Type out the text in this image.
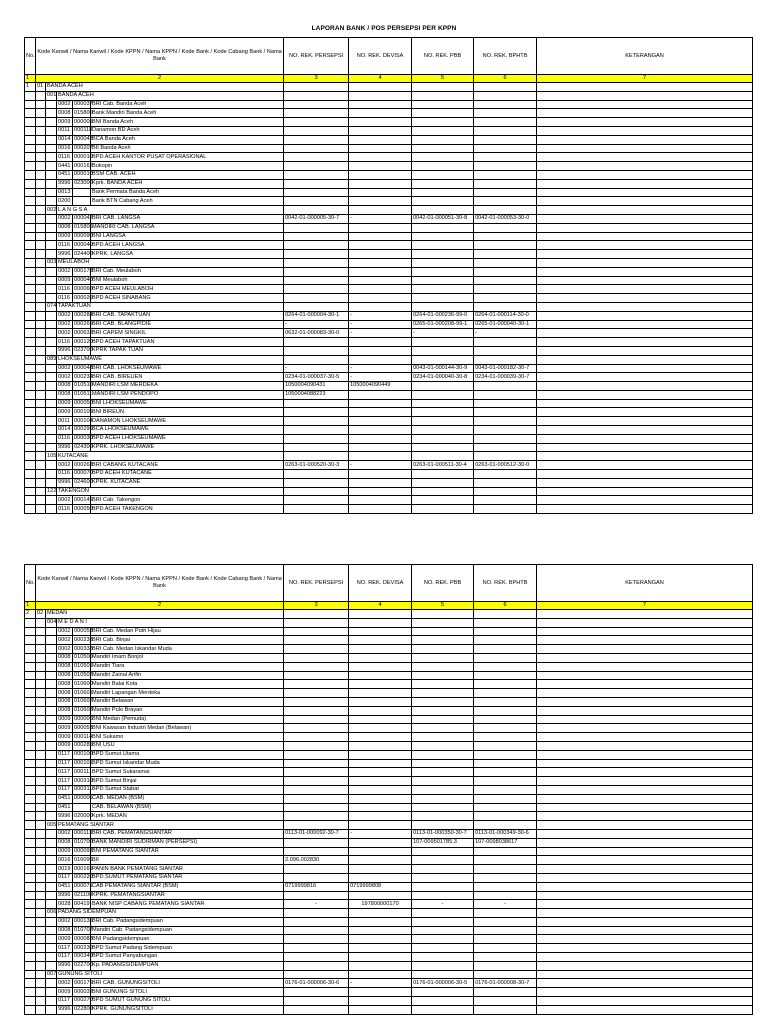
LAPORAN BANK / POS PERSEPSI PER KPPN
No.	Kode Kanwil / Nama Kanwil / Kode KPPN / Nama KPPN / Kode Bank / Kode Cabang Bank / Nama Bank					NO. REK. PERSEPSI	NO. REK. DEVISA	NO. REK. PBB	NO. REK. BPHTB	KETERANGAN
1	2					3	4	5	6	7
1	01	BANDA ACEH								
		001	BANDA ACEH							
			0002	000037	BRI Cab. Banda Aceh					
			0008	015800	Bank Mandiri Banda Aceh					
			0009	000005	BNI Banda Aceh					
			0011	000118	Danamon BD Aceh					
			0014	000043	BCA Banda Aceh					
			0016	000207	BII Banda Aceh					
			0116	000010	BPD ACEH KANTOR PUSAT OPERASIONAL					
			0441	000162	Bukopin					
			0451	000010	BSM CAB. ACEH					
			9996	023000	Kprk. BANDA ACEH					
			0013		Bank Permata Banda Aceh					
			0200		Bank BTN Cabang Aceh					
		002	L A N G S A							
			0002	000042	BRI CAB. LANGSA	0042-01-000005-30-7	-	0042-01-000051-30-8	0042-01-000053-30-0	
			0008	015805	MANDIRI CAB. LANGSA					
			0009	000090	BNI LANGSA					
			0116	000040	BPD ACEH LANGSA					
			9996	024400	KPRK. LANGSA					
		003	MEULABOH							
			0002	000178	BRI Cab. Meulaboh					
			0009	000040	BNI Meulaboh					
			0116	000060	BPD ACEH MEULABOH					
			0116	000020	BPD ACEH SINABANG					
		074	TAPAKTUAN							
			0002	000284	BRI CAB. TAPAKTUAN	0264-01-000004-30-1	-	0264-01-000236-99-0	0264-01-000114-30-0	
			0002	000265	BRI CAB. BLANGPIDIE	-	-	0265-01-000208-99-1	0265-01-000040-30-1	
			0002	000632	BRI CAPEM SINGKIL	0632-01-000083-30-0	-	-	-	
			0116	000120	BPD ACEH TAPAKTUAN					
			9996	023700	KPRK TAPAK TUAN					
		089	LHOKSEUMAWE							
			0002	000043	BRI CAB. LHOKSEUMAWE	-	-	0043-01-000144-30-9	0043-01-000182-30-7	
			0002	000234	BRI CAB. BIREUEN	0234-01-000037-30-5	-	0234-01-000040-30-8	0234-01-000039-30-7	
			0008	010510	MANDIRI LSM MERDEKA	1050004090431	1050004090449			
			0008	010511	MANDIRI LSM PENDOPO	1050004088223				
			0009	000050	BNI LHOKSEUMAWE					
			0009	000105	BNI BIREUN					
			0011	000104	DANAMON LHOKSEUMAWE					
			0014	000296	BCA LHOKSEUMAWE					
			0116	000030	BPD ACEH LHOKSEUMAWE					
			9996	024300	KPRK. LHOKSEUMAWE					
		105	KUTACANE							
			0002	000263	BRI CABANG KUTACANE	0263-01-000520-30-3	-	0263-01-000511-30-4	0263-01-000512-30-0	
			0116	000070	BPD ACEH KUTACANE					
			9996	024600	KPRK. KUTACANE					
		122	TAKENGON							
			0002	000145	BRI Cab. Takengon					
			0116	000050	BPD ACEH TAKENGON					
No.	Kode Kanwil / Nama Kanwil / Kode KPPN / Nama KPPN / Kode Bank / Kode Cabang Bank / Nama Bank					NO. REK. PERSEPSI	NO. REK. DEVISA	NO. REK. PBB	NO. REK. BPHTB	KETERANGAN
1	2					3	4	5	6	7
2	02	MEDAN								
		004	M E D A N I							
			0002	000053	BRI Cab. Medan Putri Hijau					
			0002	000238	BRI Cab. Binjai					
			0002	000338	BRI Cab. Medan Iskandar Muda					
			0008	010500	Mandiri Imam Bonjol					
			0008	010501	Mandiri Tiara					
			0008	010502	Mandiri Zainal Arifin					
			0008	010600	Mandiri Balai Kota					
			0008	010601	Mandiri Lapangan Merdeka					
			0008	010602	Mandiri Belawan					
			0008	010608	Mandiri Pulo Brayan					
			0009	000006	BNI Medan (Pemuda)					
			0009	000053	BNI Kawasan Industri Medan (Belawan)					
			0009	000114	BNI Sukamo					
			0009	000285	BNI USU					
			0117	000100	BPD Sumut Utama					
			0117	000101	BPD Sumut Iskandar Muda					
			0117	000111	BPD Sumut Sukaramai					
			0117	000310	BPD Sumut Binjai					
			0117	000311	BPD Sumut Stabat					
			0451	000006	CAB. MEDAN (BSM)					
			0451		CAB. BELAWAN (BSM)					
			9996	020000	Kprk. MEDAN					
		005	PEMATANG SIANTAR							
			0002	000113	BRI CAB. PEMATANGSIANTAR	0113-01-000092-30-7	-	0113-01-000350-30-7	0113-01-000349-30-6	
			0008	010700	BANK MANDIRI SUDIRMAN (PERSEPSI)			107-009501785.3	107-0098038617	
			0009	000093	BNI PEMATANG SIANTAR					
			0016	016096	BII	2.096.002830				
			0019	000169	PANIN BANK PEMATANG SIANTAR					
			0117	000220	BPD SUMUT PEMATANG SIANTAR					
			0451	000071	CAB PEMATANG SIANTAR (BSM)	0719999816	0719999808			
			9996	021100	KPRK. PEMATANGSIANTAR					
			0028	00419	BANK NISP CABANG PEMATANG SIANTAR	-	197800000170	-	-	
		006	PADANG SIDEMPUAN							
			0002	000135	BRI Cab. Padangsidempuan					
			0008	010702	Mandiri Cab. Padangsidempuan					
			0009	000088	BNI Padangsidempuan					
			0117	000230	BPD Sumut Padang Sidempuan					
			0117	000340	BPD Sumut Panyabungan					
			9996	022700	Kp. PADANGSIDEMPUAN					
		007	GUNUNG SITOLI							
			0002	000176	BRI CAB. GUNUNGSITOLI	0176-01-000006-30-6	-	0176-01-000006-30-5	0176-01-000008-30-7	
			0009	000032	BNI GUNUNG SITOLI					
			0117	000270	BPD SUMUT GUNUNG SITOLI					
			9996	022800	KPRK. GUNUNGSITOLI					
